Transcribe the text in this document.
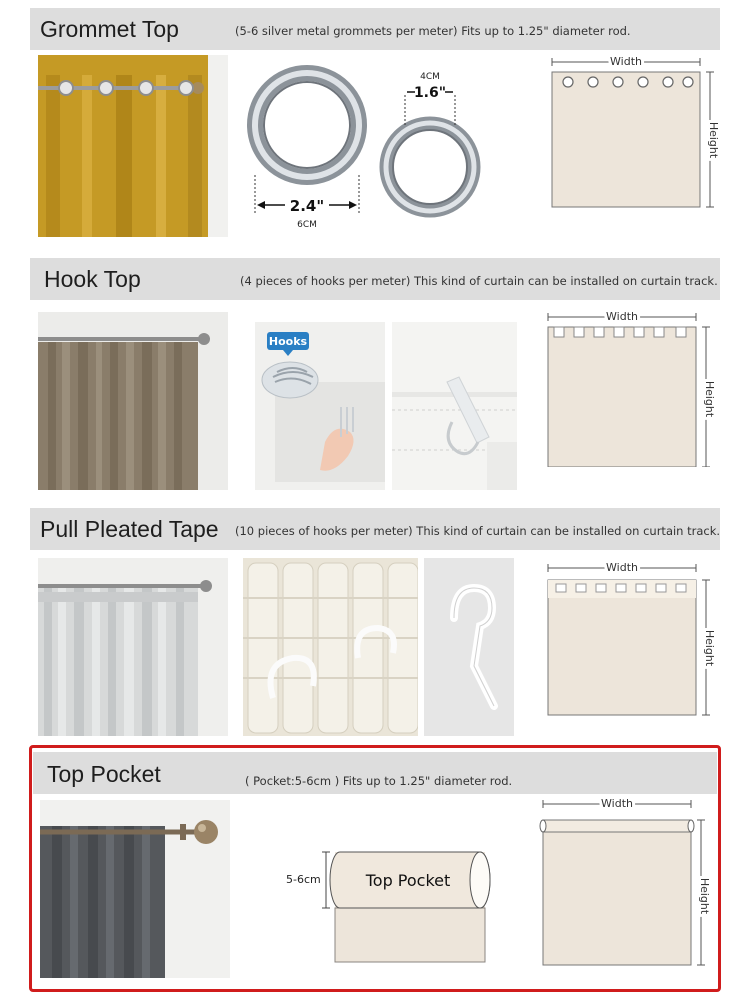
Grommet Top	(5-6 silver metal grommets per meter) Fits up to 1.25" diameter rod.
2.4"
6CM
4CM
1.6"
Width
Height
Hook Top	(4 pieces of hooks per meter) This kind of curtain can be installed on curtain track.
Hooks
Width
Height
Pull Pleated Tape (10 pieces of hooks per meter) This kind of curtain can be installed on curtain track.
Width
Height
Top Pocket	( Pocket:5-6cm ) Fits up to 1.25" diameter rod.
5-6cm	Top Pocket
Width
Height
